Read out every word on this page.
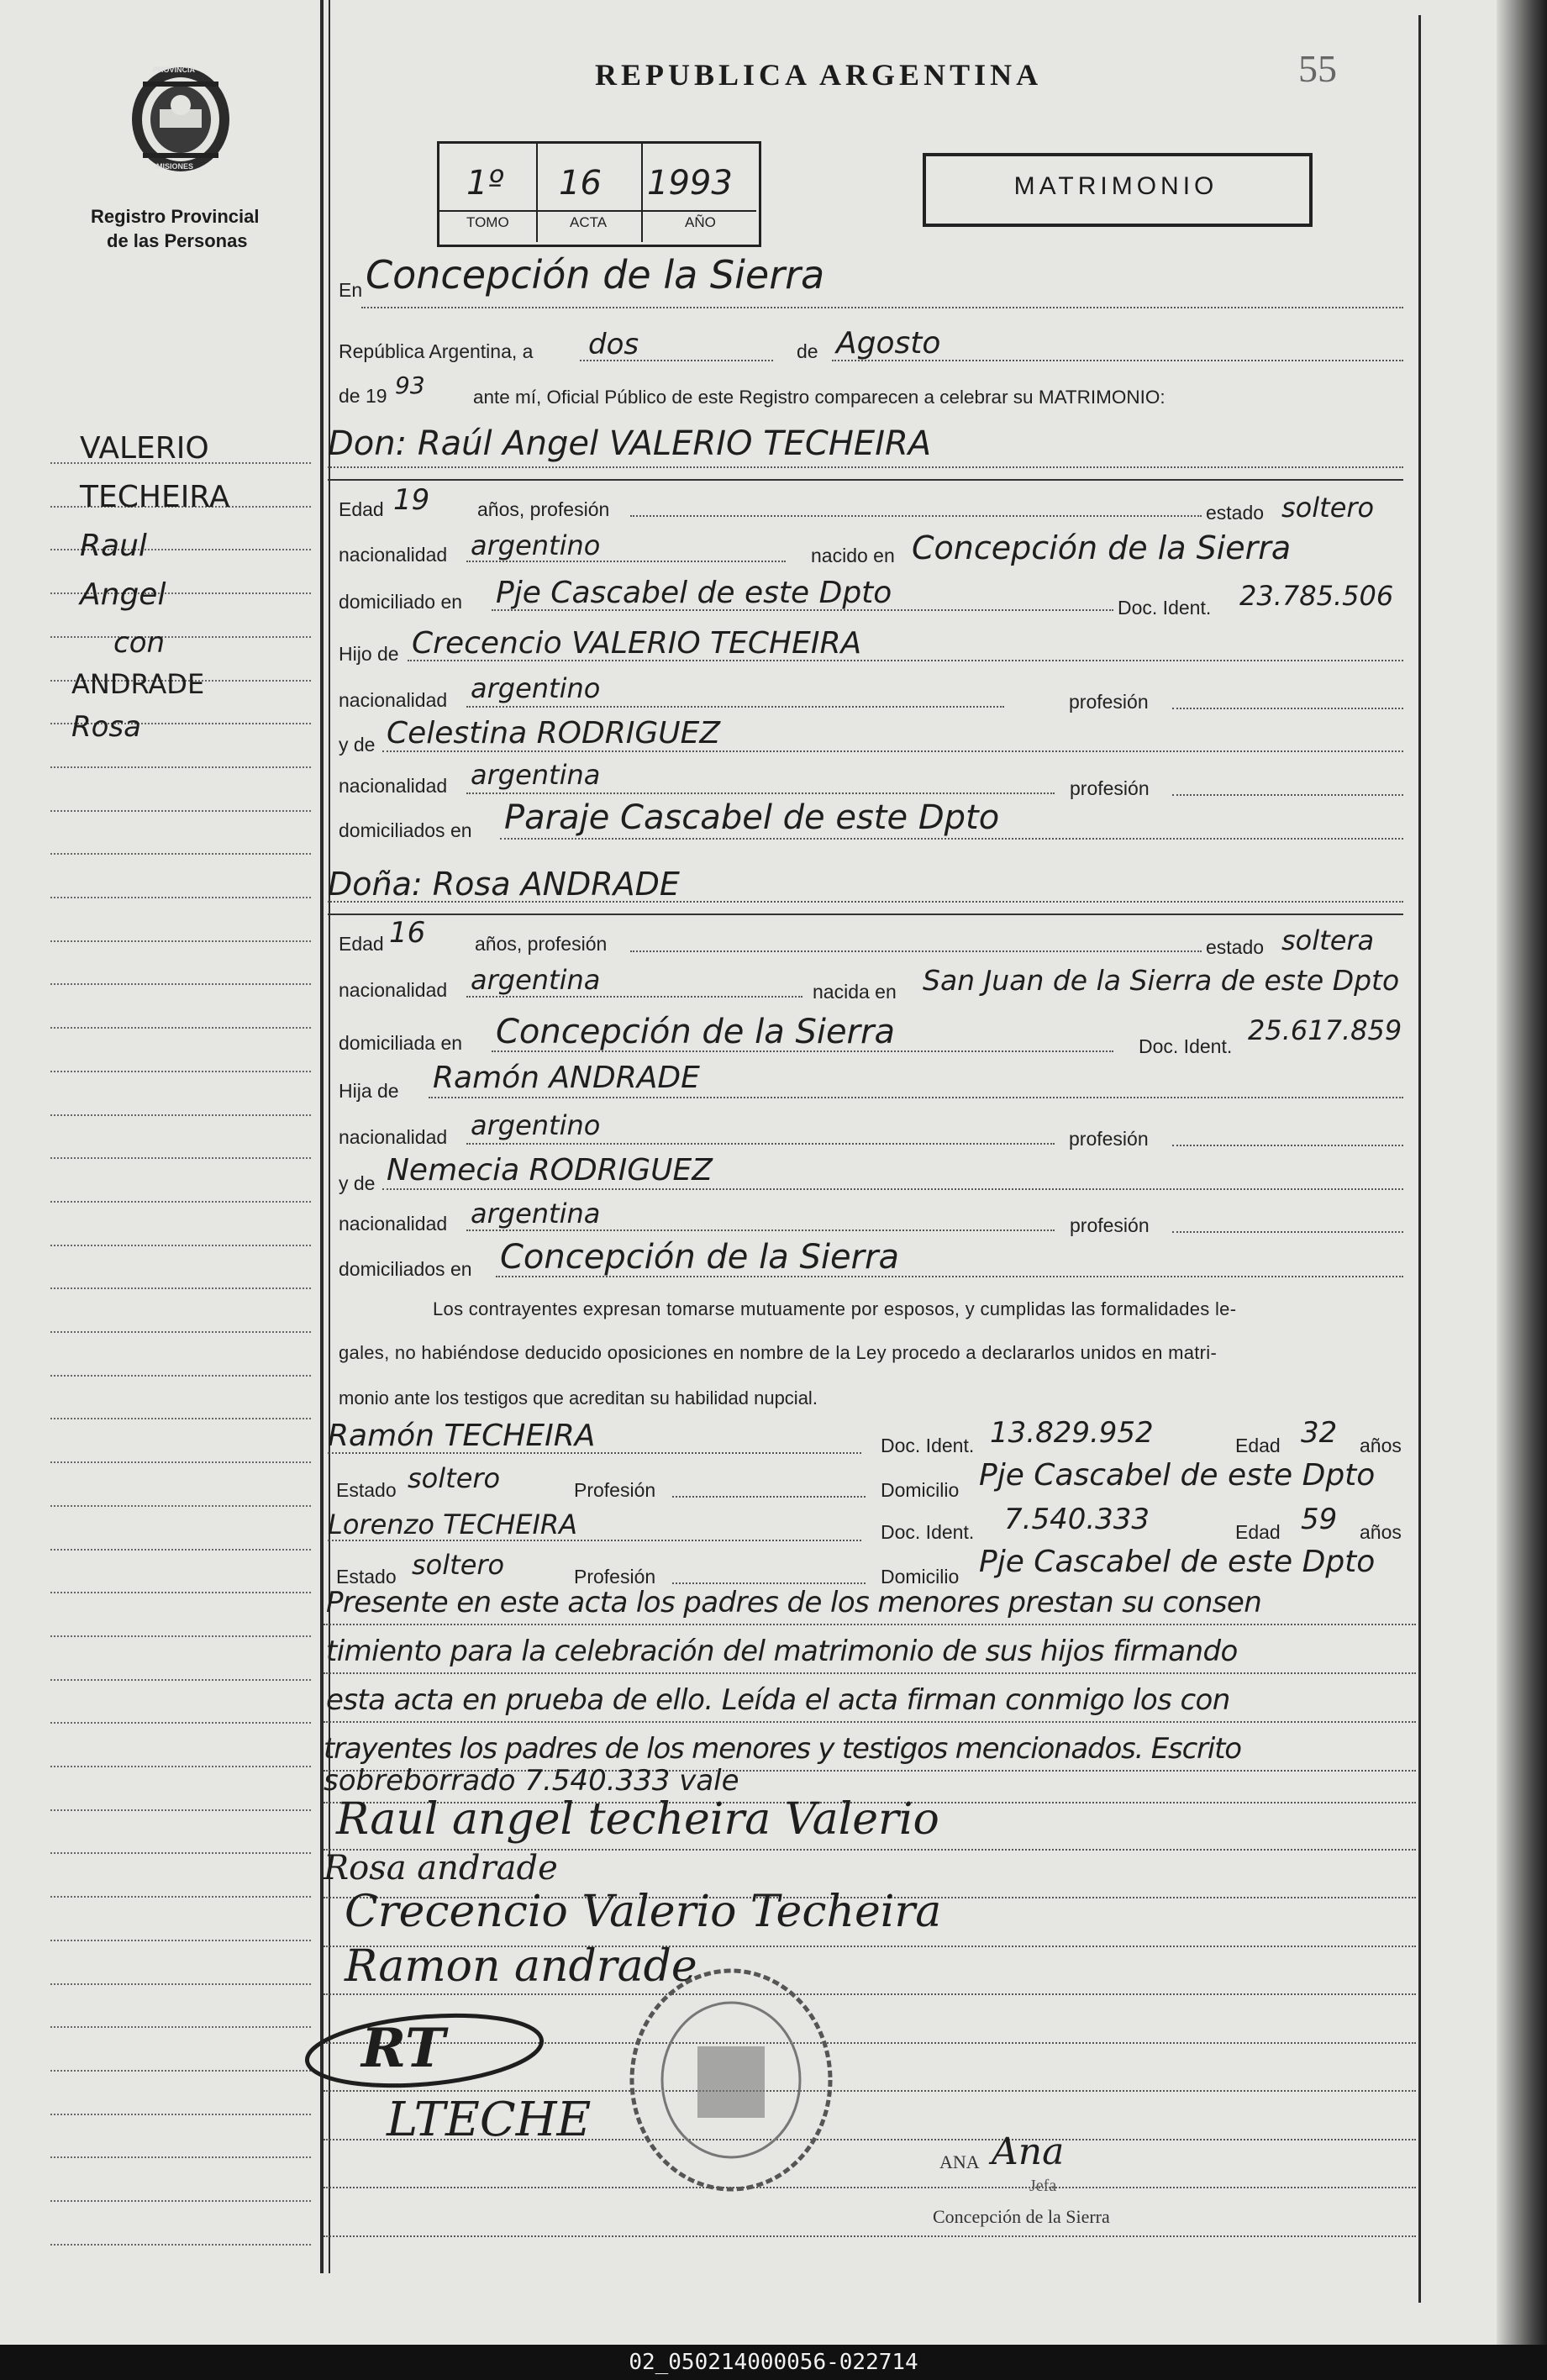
PROVINCIA
MISIONES
Registro Provincial
de las Personas
REPUBLICA ARGENTINA	55
1º 16 1993
TOMO	ACTA	AÑO
MATRIMONIO
VALERIO
TECHEIRA
Raul
Angel
con
ANDRADE
Rosa
En Concepción de la Sierra
República Argentina, a dos	de Agosto
de 19 93	ante mí, Oficial Público de este Registro comparecen a celebrar su MATRIMONIO:
Don: Raúl Angel VALERIO TECHEIRA
Edad 19 años, profesión	estado soltero
nacionalidad argentino	nacido en Concepción de la Sierra
domiciliado en Pje Cascabel de este Dpto	Doc. Ident. 23.785.506
Hijo de Crecencio VALERIO TECHEIRA
nacionalidad argentino	profesión
y de Celestina RODRIGUEZ
nacionalidad argentina	profesión
domiciliados en Paraje Cascabel de este Dpto
Doña: Rosa ANDRADE
Edad 16	años, profesión	estado soltera
nacionalidad argentina	nacida en San Juan de la Sierra de este Dpto
domiciliada en Concepción de la Sierra	Doc. Ident. 25.617.859
Hija de Ramón ANDRADE
nacionalidad argentino	profesión
y de Nemecia RODRIGUEZ
nacionalidad argentina	profesión
domiciliados en Concepción de la Sierra
Los contrayentes expresan tomarse mutuamente por esposos, y cumplidas las formalidades le-
gales, no habiéndose deducido oposiciones en nombre de la Ley procedo a declararlos unidos en matri-
monio ante los testigos que acreditan su habilidad nupcial.
Ramón TECHEIRA	Doc. Ident. 13.829.952	Edad 32 años
Estado soltero	Profesión	Domicilio Pje Cascabel de este Dpto
Lorenzo TECHEIRA	Doc. Ident. 7.540.333	Edad 59 años
Estado soltero	Profesión	Domicilio Pje Cascabel de este Dpto
Presente en este acta los padres de los menores prestan su consen
timiento para la celebración del matrimonio de sus hijos firmando
esta acta en prueba de ello. Leída el acta firman conmigo los con
trayentes los padres de los menores y testigos mencionados. Escrito
sobreborrado 7.540.333 vale
Raul angel techeira Valerio
Rosa andrade
Crecencio Valerio Techeira
Ramon andrade
RT
LTECHE
ANA Ana
Jefa
Concepción de la Sierra
02_050214000056-022714
